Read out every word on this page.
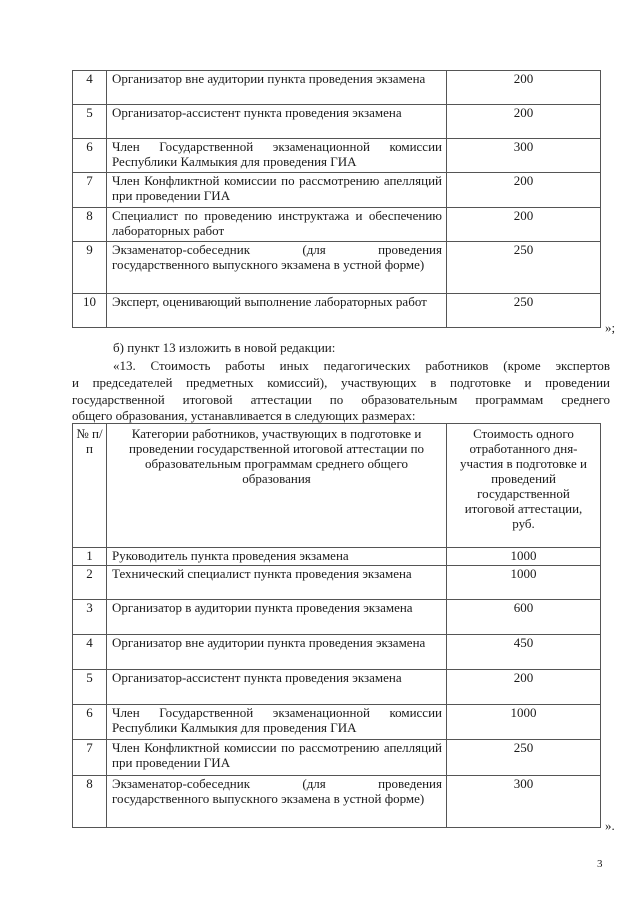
4	Организатор вне аудитории пункта проведения экзамена	200
5	Организатор-ассистент пункта проведения экзамена	200
6	Член Государственной экзаменационной комиссии Республики Калмыкия для проведения ГИА	300
7	Член Конфликтной комиссии по рассмотрению апелляций при проведении ГИА	200
8	Специалист по проведению инструктажа и обеспечению лабораторных работ	200
9	Экзаменатор-собеседник (для проведения государственного выпускного экзамена в устной форме)	250
10	Эксперт, оценивающий выполнение лабораторных работ	250
»;

б) пункт 13 изложить в новой редакции:

«13. Стоимость работы иных педагогических работников (кроме экспертов

и председателей предметных комиссий), участвующих в подготовке и проведении

государственной итоговой аттестации по образовательным программам среднего

общего образования, устанавливается в следующих размерах:

№ п/п	Категории работников, участвующих в подготовке и проведении государственной итоговой аттестации по образовательным программам среднего общего образования	Стоимость одного отработанного дня-участия в подготовке и проведений государственной итоговой аттестации, руб.
1	Руководитель пункта проведения экзамена	1000
2	Технический специалист пункта проведения экзамена	1000
3	Организатор в аудитории пункта проведения экзамена	600
4	Организатор вне аудитории пункта проведения экзамена	450
5	Организатор-ассистент пункта проведения экзамена	200
6	Член Государственной экзаменационной комиссии Республики Калмыкия для проведения ГИА	1000
7	Член Конфликтной комиссии по рассмотрению апелляций при проведении ГИА	250
8	Экзаменатор-собеседник (для проведения государственного выпускного экзамена в устной форме)	300
».
3
